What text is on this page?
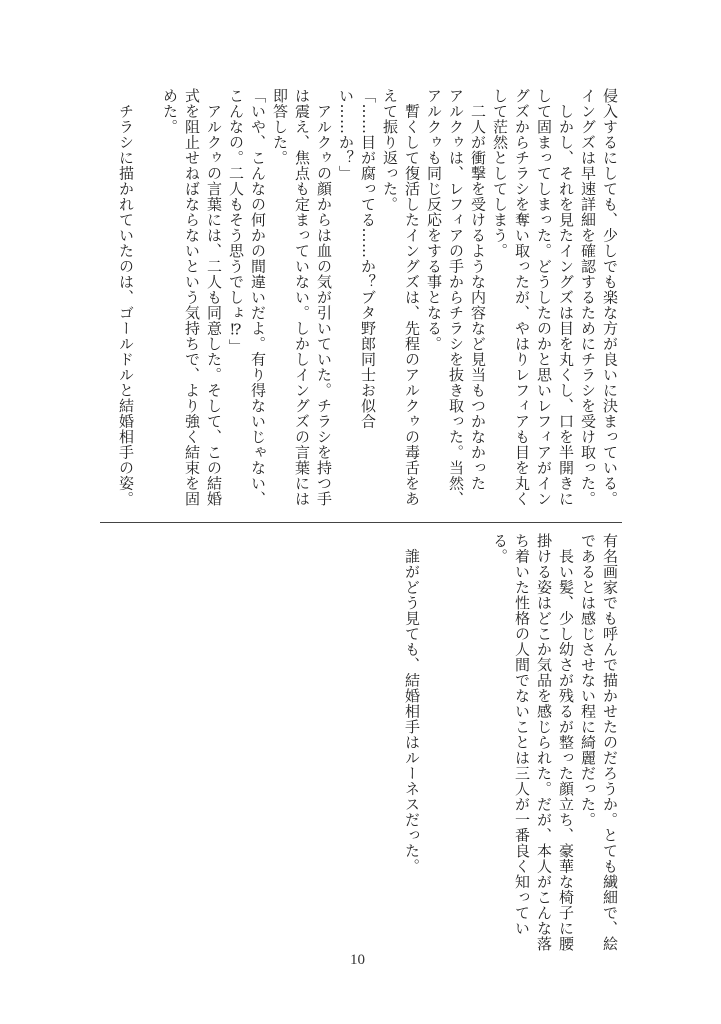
侵入するにしても、少しでも楽な方が良いに決まっている。
イングズは早速詳細を確認するためにチラシを受け取った。
　しかし、それを見たイングズは目を丸くし、口を半開きに
して固まってしまった。どうしたのかと思いレフィアがイン
グズからチラシを奪い取ったが、やはりレフィアも目を丸く
して茫然としてしまう。
　二人が衝撃を受けるような内容など見当もつかなかった
アルクゥは、レフィアの手からチラシを抜き取った。当然、
アルクゥも同じ反応をする事となる。
　暫くして復活したイングズは、先程のアルクゥの毒舌をあ
えて振り返った。
「……目が腐ってる……か？ブタ野郎同士お似合
い……か？」
　アルクゥの顔からは血の気が引いていた。チラシを持つ手
は震え、焦点も定まっていない。しかしイングズの言葉には
即答した。
「いや、こんなの何かの間違いだよ。有り得ないじゃない、
こんなの。二人もそう思うでしょ⁉」
　アルクゥの言葉には、二人も同意した。そして、この結婚
式を阻止せねばならないという気持ちで、より強く結束を固
めた。
　チラシに描かれていたのは、ゴールドルと結婚相手の姿。
有名画家でも呼んで描かせたのだろうか。とても繊細で、絵
であるとは感じさせない程に綺麗だった。
　長い髪、少し幼さが残るが整った顔立ち、豪華な椅子に腰
掛ける姿はどこか気品を感じられた。だが、本人がこんな落
ち着いた性格の人間でないことは三人が一番良く知ってい
る。
　誰がどう見ても、結婚相手はルーネスだった。
10
